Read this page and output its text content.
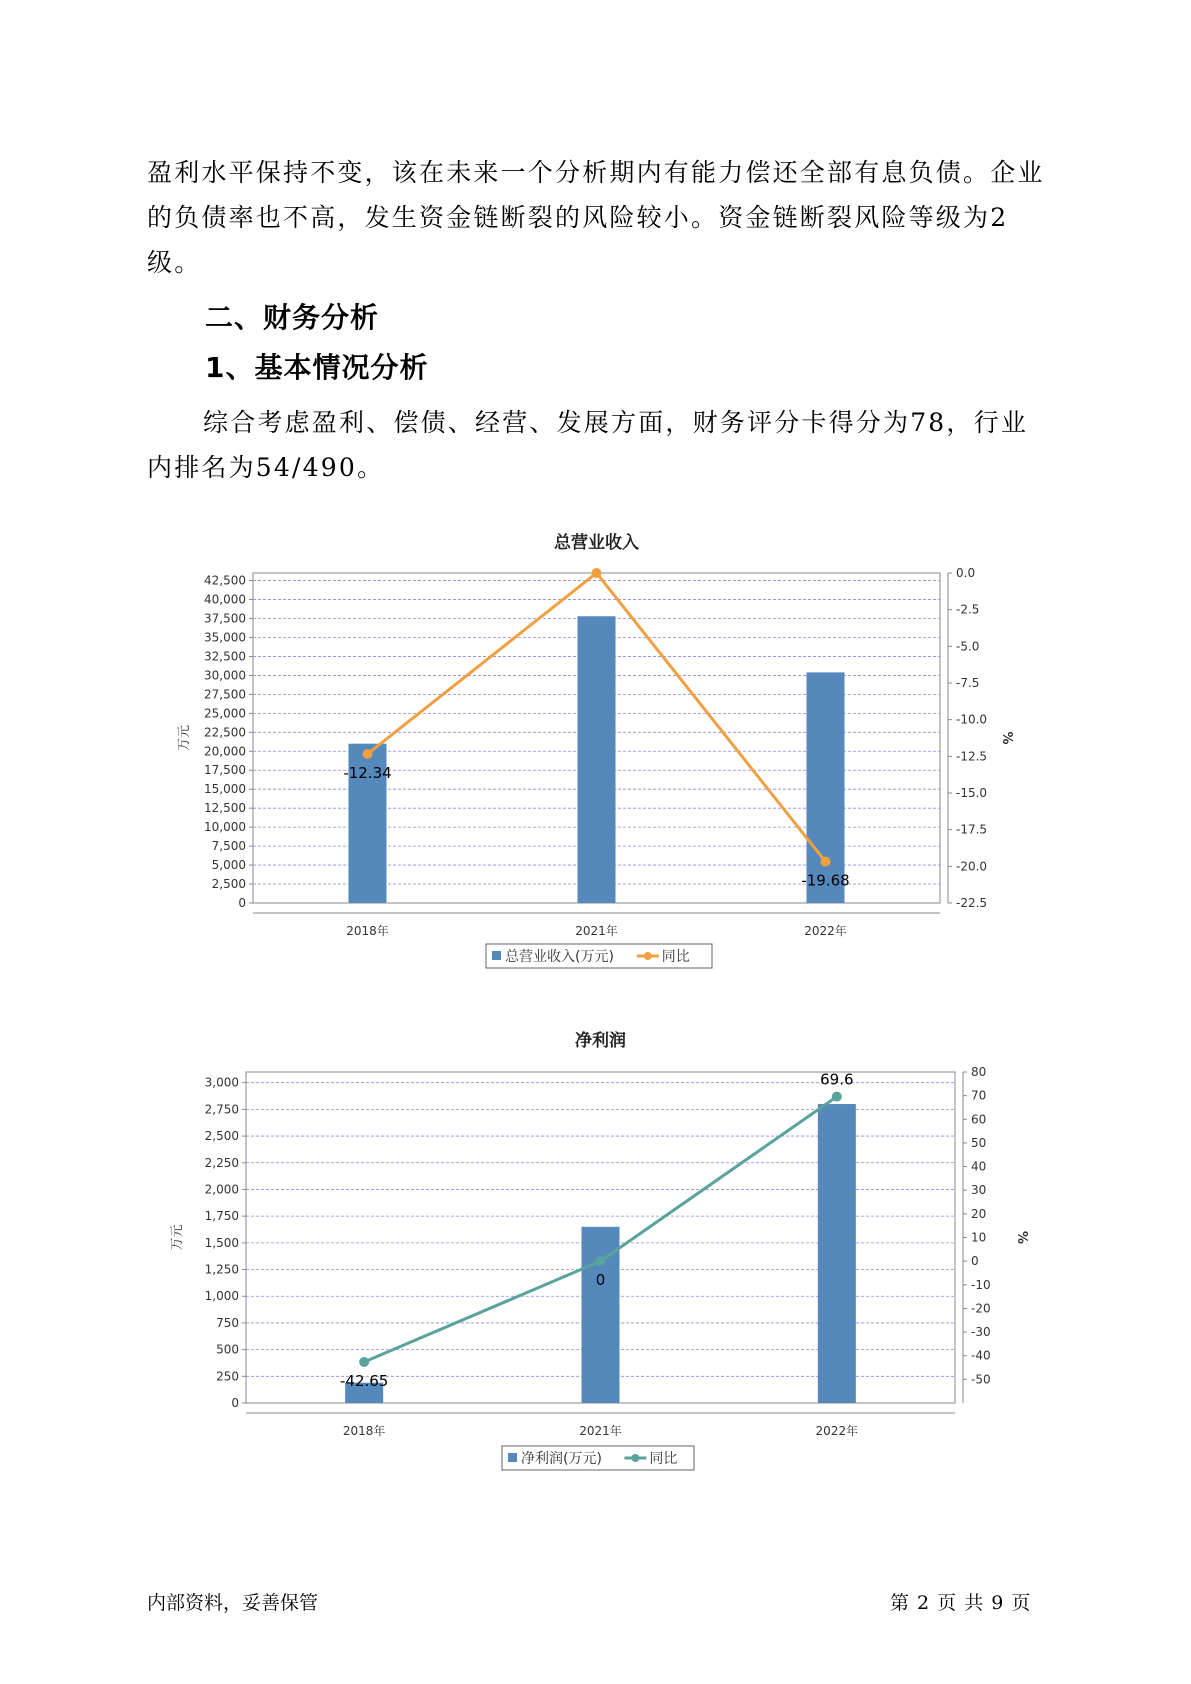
盈利水平保持不变，该在未来一个分析期内有能力偿还全部有息负债。企业的负债率也不高，发生资金链断裂的风险较小。资金链断裂风险等级为2级。

二、财务分析
1、基本情况分析

综合考虑盈利、偿债、经营、发展方面，财务评分卡得分为78，行业内排名为54/490。

总营业收入
0
2,500
5,000
7,500
10,000
12,500
15,000
17,500
20,000
22,500
25,000
27,500
30,000
32,500
35,000
37,500
40,000
42,500
0.0
-2.5
-5.0
-7.5
-10.0
-12.5
-15.0
-17.5
-20.0
-22.5
万元	%
2018年	2021年	2022年
-12.34
-19.68
总营业收入(万元)	同比
净利润
0
250
500
750
1,000
1,250
1,500
1,750
2,000
2,250
2,500
2,750
3,000
80
70
60
50
40
30
20
10
0
-10
-20
-30
-40
-50
万元	%
2018年	2021年	2022年
-42.65
0
69.6
净利润(万元)	同比
内部资料，妥善保管	第 2 页 共 9 页
